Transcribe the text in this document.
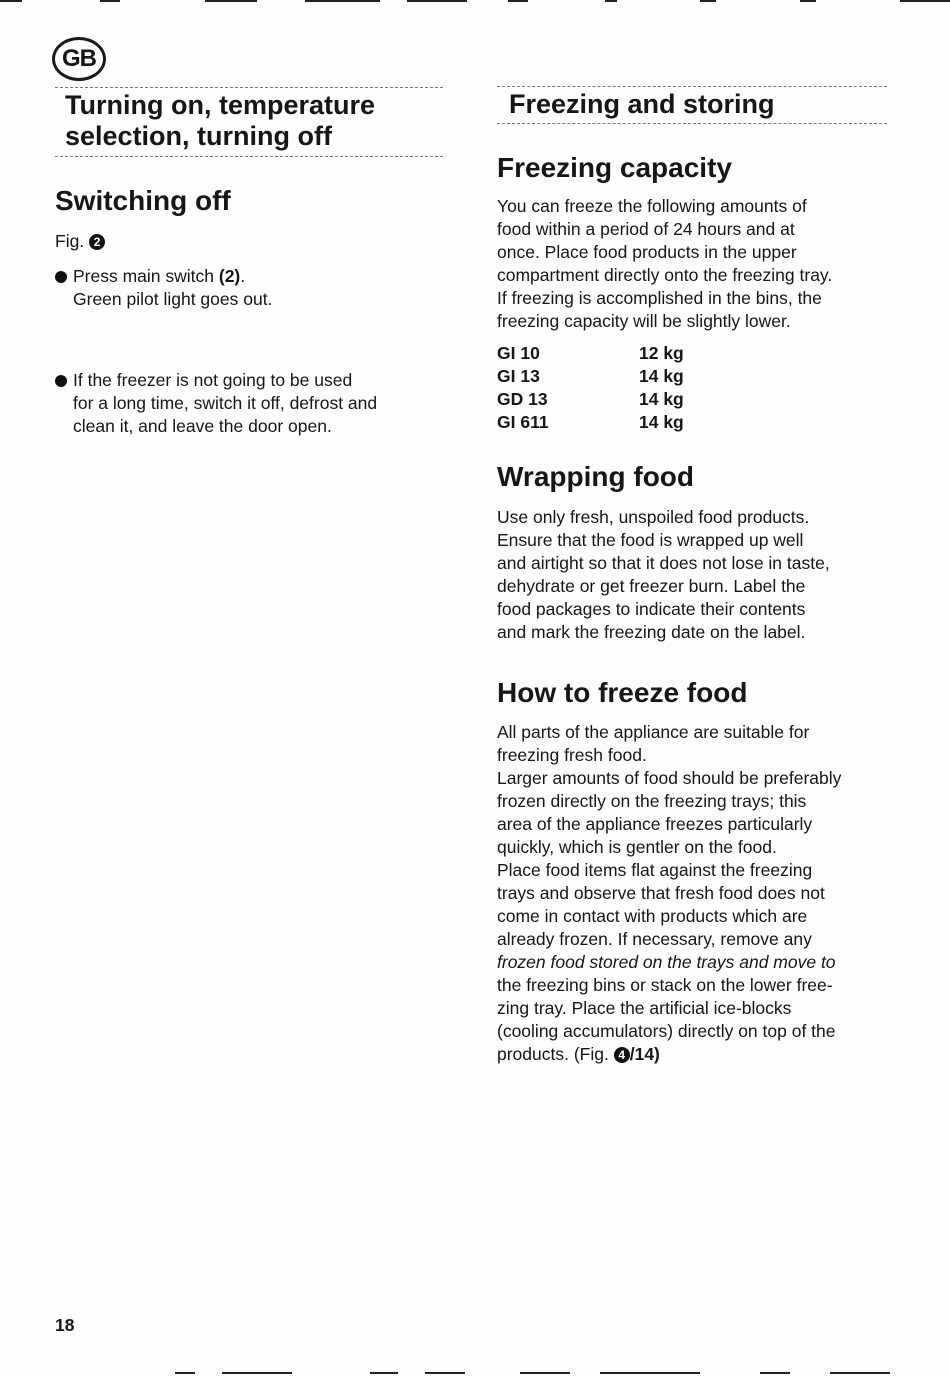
GB
Turning on, temperature
selection, turning off
Switching off
Fig. 2
Press main switch (2).
Green pilot light goes out.
If the freezer is not going to be used
for a long time, switch it off, defrost and
clean it, and leave the door open.
Freezing and storing
Freezing capacity
You can freeze the following amounts of
food within a period of 24 hours and at
once. Place food products in the upper
compartment directly onto the freezing tray.
If freezing is accomplished in the bins, the
freezing capacity will be slightly lower.
GI 10	12 kg
GI 13	14 kg
GD 13	14 kg
GI 611	14 kg
Wrapping food
Use only fresh, unspoiled food products.
Ensure that the food is wrapped up well
and airtight so that it does not lose in taste,
dehydrate or get freezer burn. Label the
food packages to indicate their contents
and mark the freezing date on the label.
How to freeze food
All parts of the appliance are suitable for
freezing fresh food.
Larger amounts of food should be preferably
frozen directly on the freezing trays; this
area of the appliance freezes particularly
quickly, which is gentler on the food.
Place food items flat against the freezing
trays and observe that fresh food does not
come in contact with products which are
already frozen. If necessary, remove any
frozen food stored on the trays and move to
the freezing bins or stack on the lower free-
zing tray. Place the artificial ice-blocks
(cooling accumulators) directly on top of the
products. (Fig. 4 /14)
18
